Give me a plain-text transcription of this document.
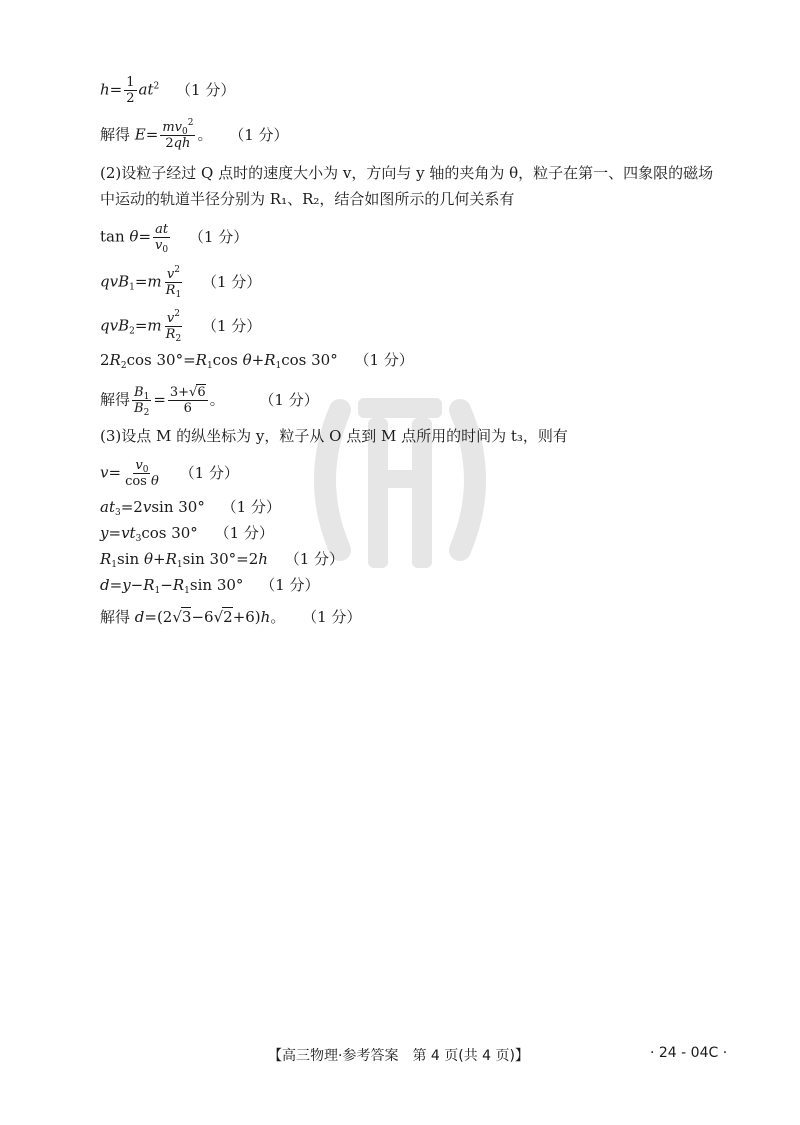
$h= \frac{1}{2} at^2$ （1 分）
解得 $E= \frac{mv_0^2}{2qh}$ 。 （1 分）
(2)设粒子经过 Q 点时的速度大小为 v，方向与 y 轴的夹角为 θ，粒子在第一、四象限的磁场
中运动的轨道半径分别为 R₁、R₂，结合如图所示的几何关系有
$\tan \theta= \frac{at}{v_0} (1$ 分）
$qvB_1=m \frac{v^2}{R_1} (1$ 分）
$qvB_2=m \frac{v^2}{R_2} (1$ 分）
$2R_2\cos$ $30^\circ=R_1\cos$ $\theta+R_1\cos$ 30° （1 分）
解得 $\frac{B_1}{B_2} = \frac{3+√6}{6}$ 。 （1 分）
(3)设点 M 的纵坐标为 y，粒子从 O 点到 M 点所用的时间为 t₃，则有
$v= \frac{v_0}{\text{cos θ}} (1$ 分）
$at_3=2vsin$ 30° （1 分）
$y=vt_3\cos$ 30° （1 分）
$R_1\sin$ $\theta+R_1\sin$ 30°=2h （1 分）
$d=y-R_1-R_1\sin$ 30° （1 分）
解得 d=(2√3−6√2+6)h。 （1 分）
【高三物理·参考答案　第 4 页(共 4 页)】	· 24 - 04C ·
